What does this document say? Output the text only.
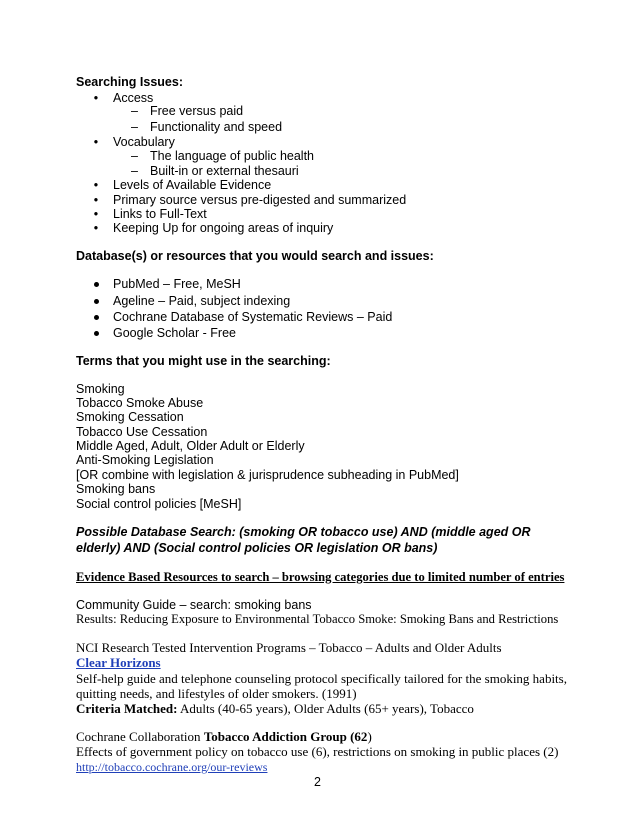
Searching Issues:
• Access
– Free versus paid
– Functionality and speed
• Vocabulary
– The language of public health
– Built-in or external thesauri
• Levels of Available Evidence
• Primary source versus pre-digested and summarized
• Links to Full-Text
• Keeping Up for ongoing areas of inquiry
Database(s) or resources that you would search and issues:
PubMed – Free, MeSH
Ageline – Paid, subject indexing
Cochrane Database of Systematic Reviews – Paid
Google Scholar - Free
Terms that you might use in the searching:
Smoking
Tobacco Smoke Abuse
Smoking Cessation
Tobacco Use Cessation
Middle Aged, Adult, Older Adult or Elderly
Anti-Smoking Legislation
[OR combine with legislation & jurisprudence subheading in PubMed]
Smoking bans
Social control policies [MeSH]
Possible Database Search: (smoking OR tobacco use) AND (middle aged OR
elderly) AND (Social control policies OR legislation OR bans)
Evidence Based Resources to search – browsing categories due to limited number of entries
Community Guide – search: smoking bans
Results: Reducing Exposure to Environmental Tobacco Smoke: Smoking Bans and Restrictions
NCI Research Tested Intervention Programs – Tobacco – Adults and Older Adults
Clear Horizons
Self-help guide and telephone counseling protocol specifically tailored for the smoking habits,
quitting needs, and lifestyles of older smokers. (1991)
Criteria Matched: Adults (40-65 years), Older Adults (65+ years), Tobacco
Cochrane Collaboration Tobacco Addiction Group (62)
Effects of government policy on tobacco use (6), restrictions on smoking in public places (2)
http://tobacco.cochrane.org/our-reviews
2
